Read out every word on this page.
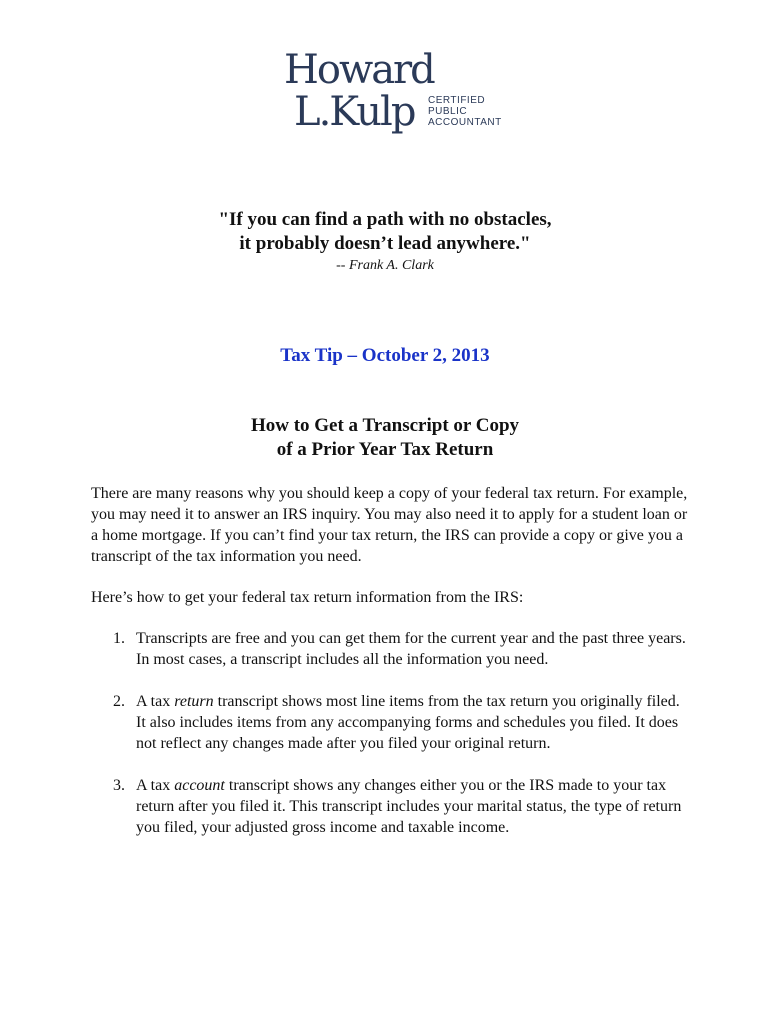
Howard
L.Kulp CERTIFIED
PUBLIC
ACCOUNTANT
"If you can find a path with no obstacles,
it probably doesn’t lead anywhere."
-- Frank A. Clark
Tax Tip – October 2, 2013
How to Get a Transcript or Copy
of a Prior Year Tax Return
There are many reasons why you should keep a copy of your federal tax return. For example, you may need it to answer an IRS inquiry. You may also need it to apply for a student loan or a home mortgage. If you can’t find your tax return, the IRS can provide a copy or give you a transcript of the tax information you need.
Here’s how to get your federal tax return information from the IRS:
1. Transcripts are free and you can get them for the current year and the past three years. In most cases, a transcript includes all the information you need.
2. A tax return transcript shows most line items from the tax return you originally filed. It also includes items from any accompanying forms and schedules you filed. It does not reflect any changes made after you filed your original return.
3. A tax account transcript shows any changes either you or the IRS made to your tax return after you filed it. This transcript includes your marital status, the type of return you filed, your adjusted gross income and taxable income.
